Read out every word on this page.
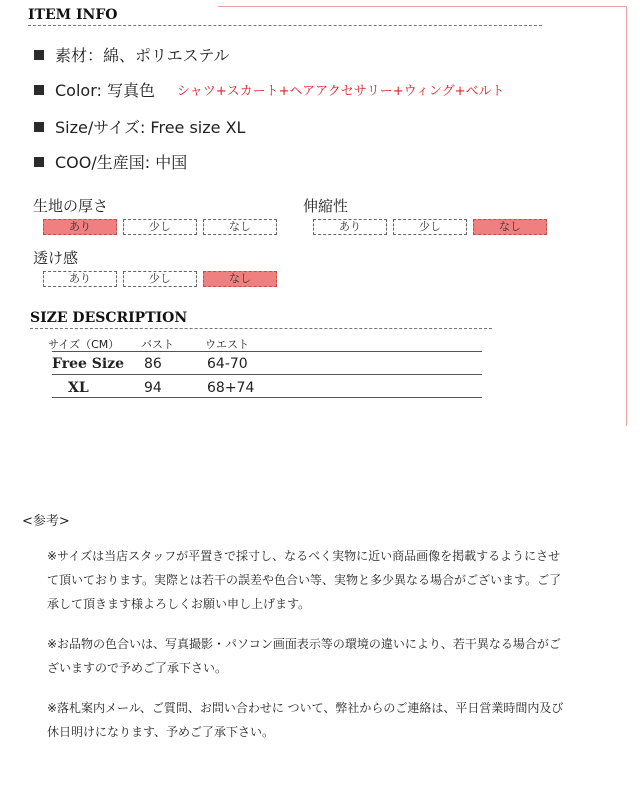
ITEM INFO
素材：綿、ポリエステル
Color: 写真色 シャツ+スカート+ヘアアクセサリー+ウィング+ベルト
Size/サイズ: Free size XL
COO/生産国: 中国
生地の厚さ
あり	少し	なし
伸縮性
あり	少し	なし
透け感
あり	少し	なし
SIZE DESCRIPTION
サイズ（CM） バスト	ウエスト
Free Size 86	64-70
XL	94	68+74
<参考>
※サイズは当店スタッフが平置きで採寸し、なるべく実物に近い商品画像を掲載するようにさせて頂いております。実際とは若干の誤差や色合い等、実物と多少異なる場合がございます。ご了承して頂きます様よろしくお願い申し上げます。
※お品物の色合いは、写真撮影・パソコン画面表示等の環境の違いにより、若干異なる場合がございますので予めご了承下さい。
※落札案内メール、ご質問、お問い合わせに ついて、弊社からのご連絡は、平日営業時間内及び休日明けになります、予めご了承下さい。
